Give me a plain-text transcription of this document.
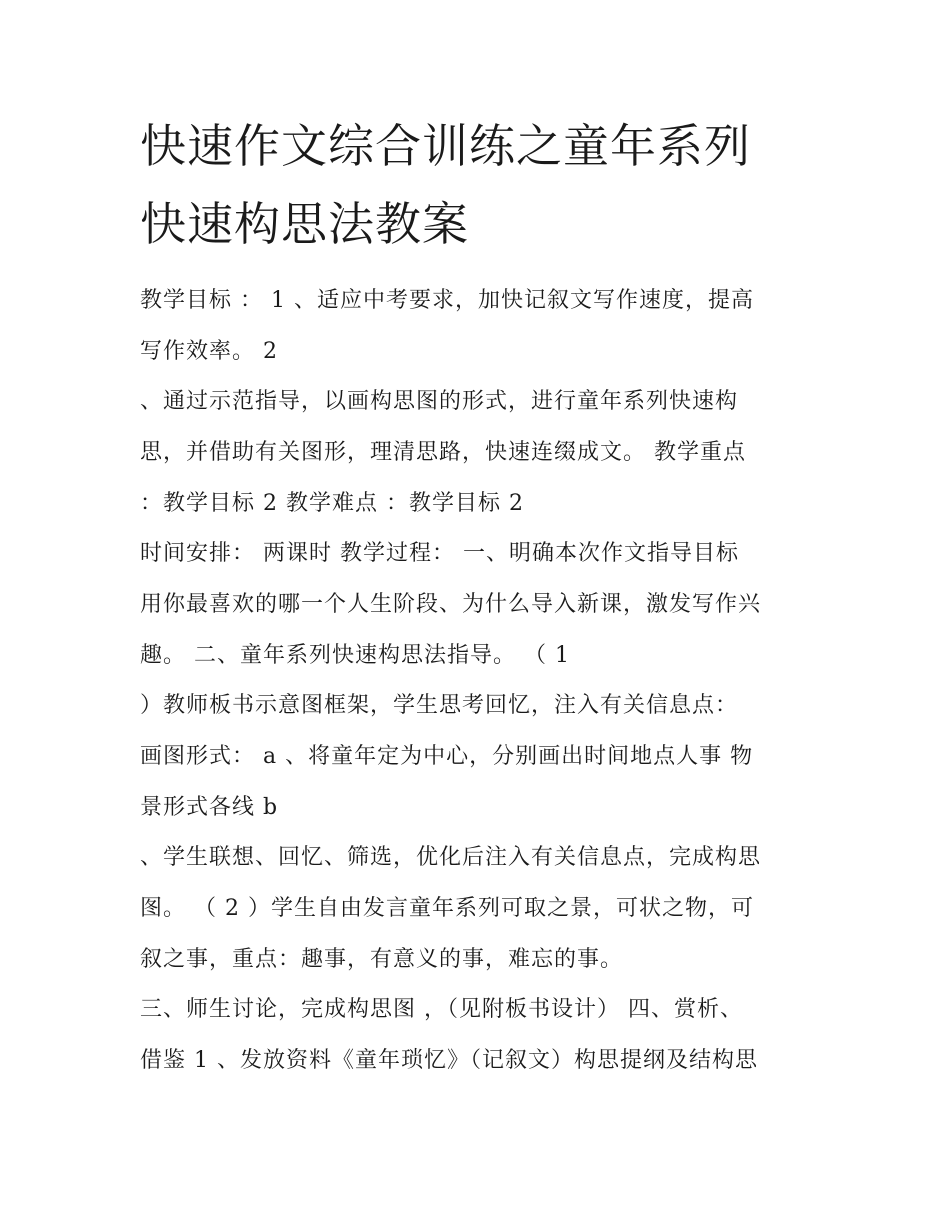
快速作文综合训练之童年系列
快速构思法教案
教学目标 ： 1 、适应中考要求，加快记叙文写作速度，提高
写作效率。 2
、通过示范指导，以画构思图的形式，进行童年系列快速构
思，并借助有关图形，理清思路，快速连缀成文。 教学重点
：教学目标 2 教学难点 ：教学目标 2
时间安排： 两课时 教学过程： 一、明确本次作文指导目标
用你最喜欢的哪一个人生阶段、为什么导入新课，激发写作兴
趣。 二、童年系列快速构思法指导。 （ 1
）教师板书示意图框架，学生思考回忆，注入有关信息点：
画图形式： a 、将童年定为中心，分别画出时间地点人事 物
景形式各线 b
、学生联想、回忆、筛选，优化后注入有关信息点，完成构思
图。 （ 2 ）学生自由发言童年系列可取之景，可状之物，可
叙之事，重点：趣事，有意义的事，难忘的事。
三、师生讨论，完成构思图 ，（见附板书设计） 四、赏析、
借鉴 1 、发放资料《童年琐忆》（记叙文）构思提纲及结构思
